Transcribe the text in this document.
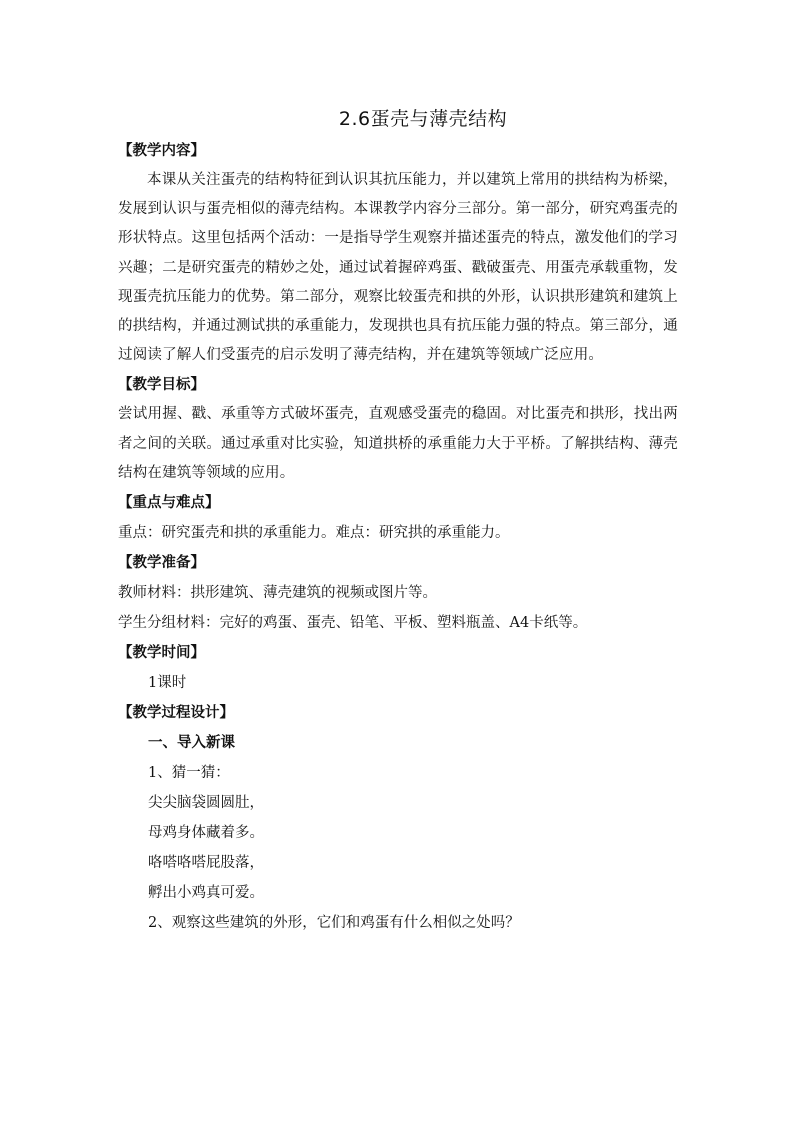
2.6蛋壳与薄壳结构
【教学内容】

本课从关注蛋壳的结构特征到认识其抗压能力，并以建筑上常用的拱结构为桥梁，发展到认识与蛋壳相似的薄壳结构。本课教学内容分三部分。第一部分，研究鸡蛋壳的形状特点。这里包括两个活动：一是指导学生观察并描述蛋壳的特点，激发他们的学习兴趣；二是研究蛋壳的精妙之处，通过试着握碎鸡蛋、戳破蛋壳、用蛋壳承载重物，发现蛋壳抗压能力的优势。第二部分，观察比较蛋壳和拱的外形，认识拱形建筑和建筑上的拱结构，并通过测试拱的承重能力，发现拱也具有抗压能力强的特点。第三部分，通过阅读了解人们受蛋壳的启示发明了薄壳结构，并在建筑等领域广泛应用。

【教学目标】

尝试用握、戳、承重等方式破坏蛋壳，直观感受蛋壳的稳固。对比蛋壳和拱形，找出两者之间的关联。通过承重对比实验，知道拱桥的承重能力大于平桥。了解拱结构、薄壳结构在建筑等领域的应用。

【重点与难点】
重点：研究蛋壳和拱的承重能力。难点：研究拱的承重能力。
【教学准备】
教师材料：拱形建筑、薄壳建筑的视频或图片等。
学生分组材料：完好的鸡蛋、蛋壳、铅笔、平板、塑料瓶盖、A4卡纸等。
【教学时间】
1课时
【教学过程设计】
一、导入新课
1、猜一猜：
尖尖脑袋圆圆肚，
母鸡身体藏着多。
咯嗒咯嗒屁股落，
孵出小鸡真可爱。
2、观察这些建筑的外形，它们和鸡蛋有什么相似之处吗？
